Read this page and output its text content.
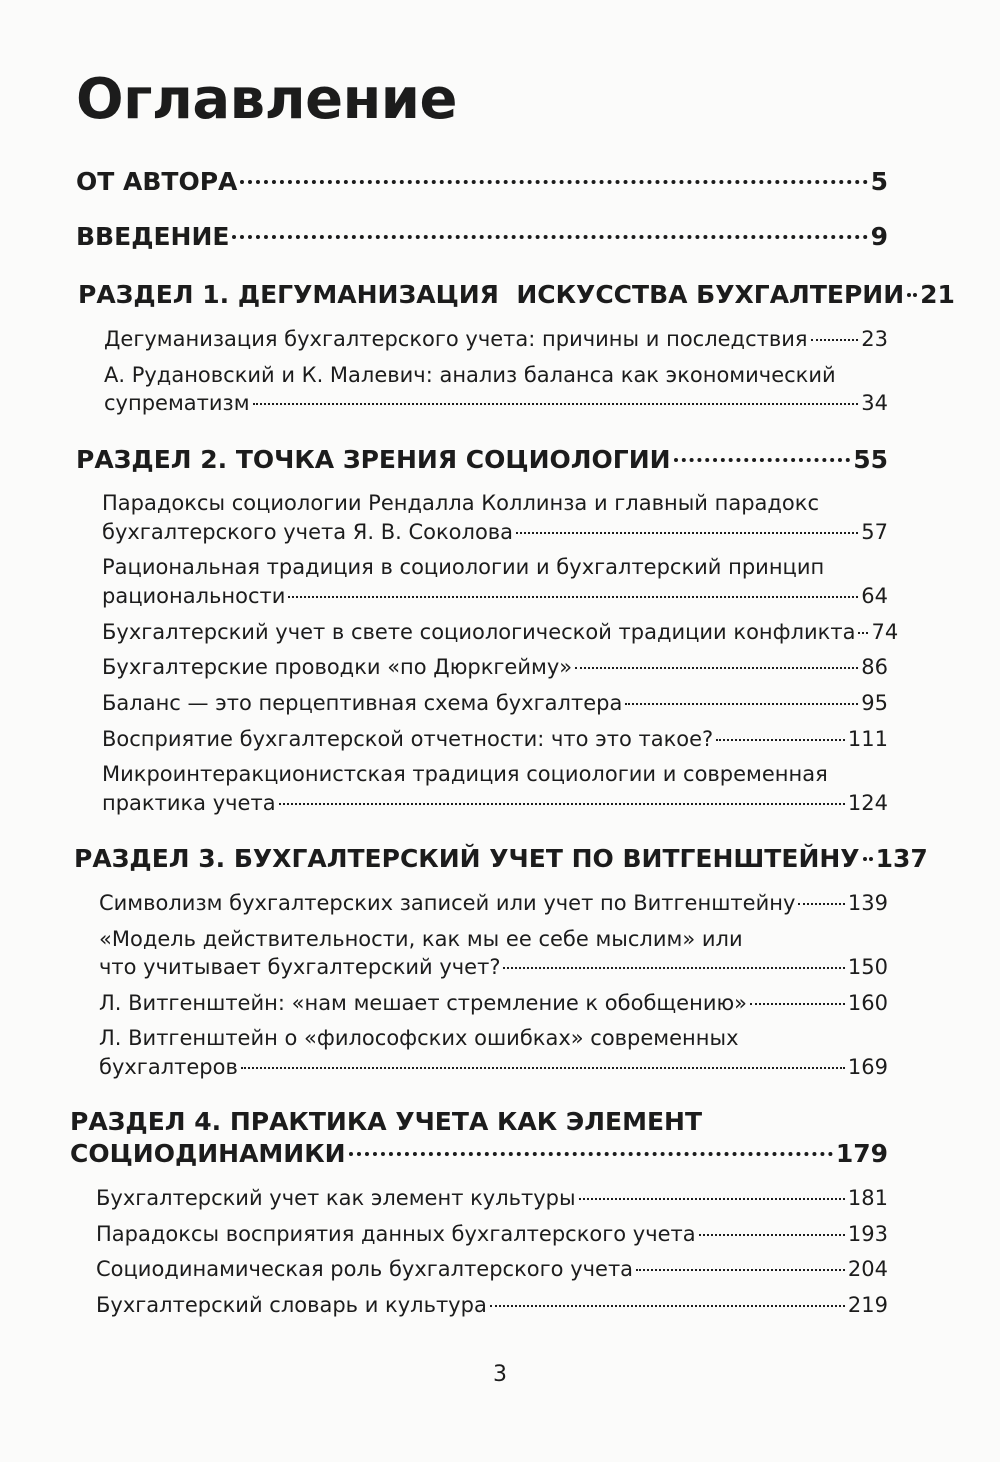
Оглавление
ОТ АВТОРА	5
ВВЕДЕНИЕ	9
РАЗДЕЛ 1. ДЕГУМАНИЗАЦИЯ  ИСКУССТВА БУХГАЛТЕРИИ 21
Дегуманизация бухгалтерского учета: причины и последствия	23
А. Рудановский и К. Малевич: анализ баланса как экономический
супрематизм	34
РАЗДЕЛ 2. ТОЧКА ЗРЕНИЯ СОЦИОЛОГИИ	55
Парадоксы социологии Рендалла Коллинза и главный парадокс
бухгалтерского учета Я. В. Соколова	57
Рациональная традиция в социологии и бухгалтерский принцип
рациональности	64
Бухгалтерский учет в свете социологической традиции конфликта 74
Бухгалтерские проводки «по Дюркгейму»	86
Баланс — это перцептивная схема бухгалтера	95
Восприятие бухгалтерской отчетности: что это такое?	111
Микроинтеракционистская традиция социологии и современная
практика учета	124
РАЗДЕЛ 3. БУХГАЛТЕРСКИЙ УЧЕТ ПО ВИТГЕНШТЕЙНУ 137
Символизм бухгалтерских записей или учет по Витгенштейну	139
«Модель действительности, как мы ее себе мыслим» или
что учитывает бухгалтерский учет?	150
Л. Витгенштейн: «нам мешает стремление к обобщению»	160
Л. Витгенштейн о «философских ошибках» современных
бухгалтеров	169
РАЗДЕЛ 4. ПРАКТИКА УЧЕТА КАК ЭЛЕМЕНТ
СОЦИОДИНАМИКИ	179
Бухгалтерский учет как элемент культуры	181
Парадоксы восприятия данных бухгалтерского учета	193
Социодинамическая роль бухгалтерского учета	204
Бухгалтерский словарь и культура	219
3
